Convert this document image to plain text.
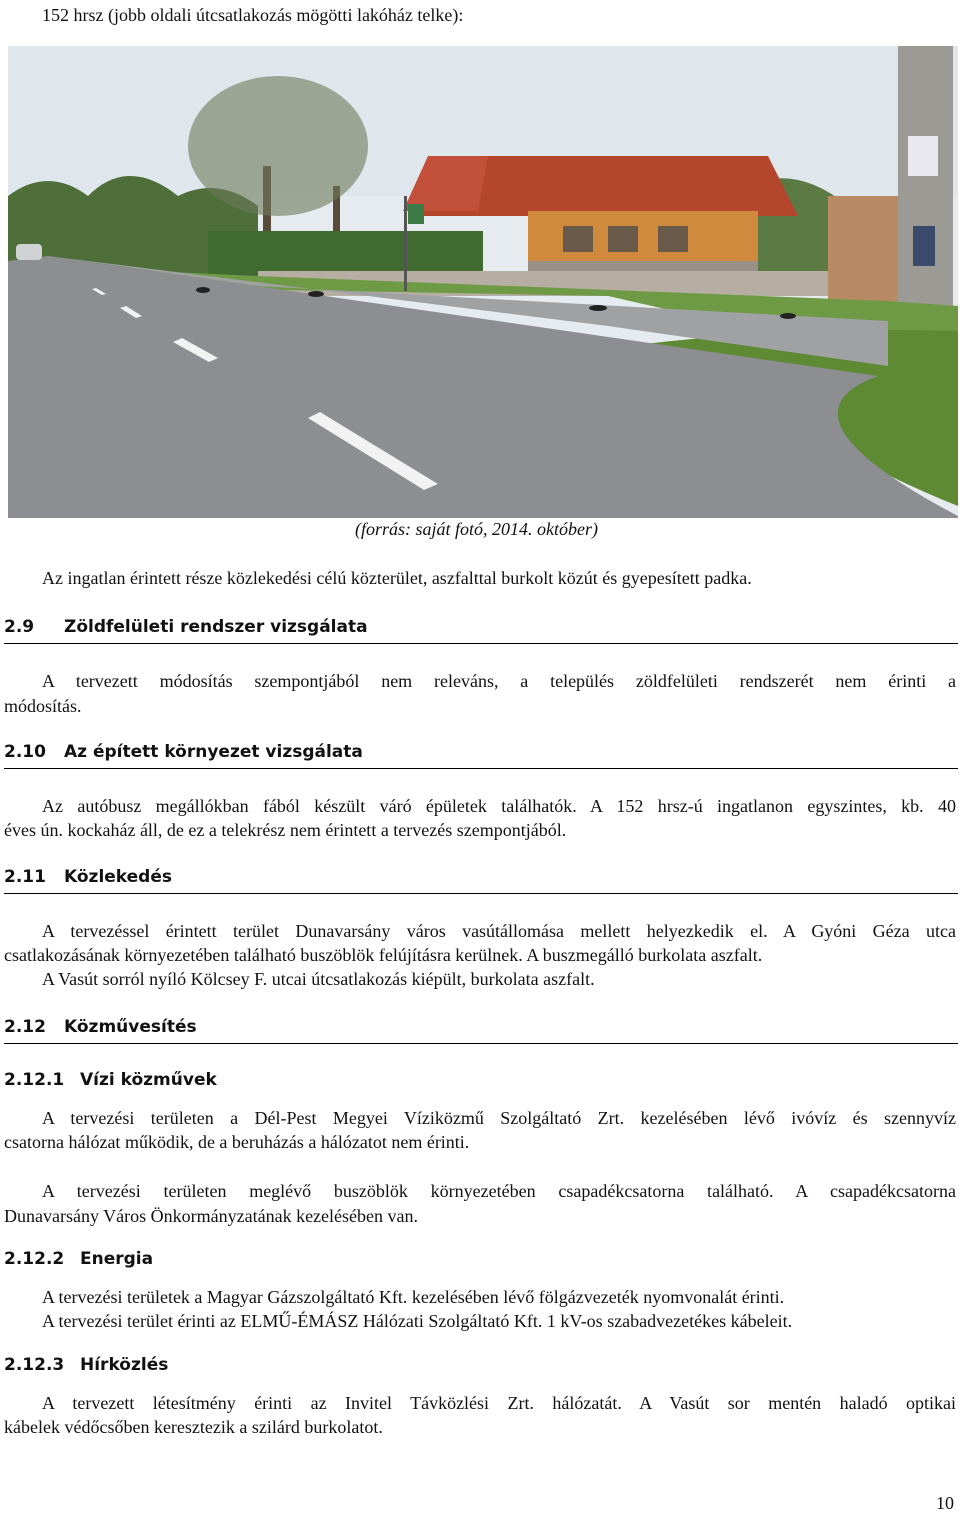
152 hrsz (jobb oldali útcsatlakozás mögötti lakóház telke):
(forrás: saját fotó, 2014. október)
Az ingatlan érintett része közlekedési célú közterület, aszfalttal burkolt közút és gyepesített padka.
2.9 Zöldfelületi rendszer vizsgálata
A tervezett módosítás szempontjából nem releváns, a település zöldfelületi rendszerét nem érinti a
módosítás.
2.10 Az épített környezet vizsgálata
Az autóbusz megállókban fából készült váró épületek találhatók. A 152 hrsz-ú ingatlanon egyszintes, kb. 40
éves ún. kockaház áll, de ez a telekrész nem érintett a tervezés szempontjából.
2.11 Közlekedés
A tervezéssel érintett terület Dunavarsány város vasútállomása mellett helyezkedik el. A Gyóni Géza utca
csatlakozásának környezetében található buszöblök felújításra kerülnek. A buszmegálló burkolata aszfalt.
A Vasút sorról nyíló Kölcsey F. utcai útcsatlakozás kiépült, burkolata aszfalt.
2.12 Közművesítés
2.12.1 Vízi közművek
A tervezési területen a Dél-Pest Megyei Víziközmű Szolgáltató Zrt. kezelésében lévő ivóvíz és szennyvíz
csatorna hálózat működik, de a beruházás a hálózatot nem érinti.
A tervezési területen meglévő buszöblök környezetében csapadékcsatorna található. A csapadékcsatorna
Dunavarsány Város Önkormányzatának kezelésében van.
2.12.2 Energia
A tervezési területek a Magyar Gázszolgáltató Kft. kezelésében lévő fölgázvezeték nyomvonalát érinti.
A tervezési terület érinti az ELMŰ-ÉMÁSZ Hálózati Szolgáltató Kft. 1 kV-os szabadvezetékes kábeleit.
2.12.3 Hírközlés
A tervezett létesítmény érinti az Invitel Távközlési Zrt. hálózatát. A Vasút sor mentén haladó optikai
kábelek védőcsőben keresztezik a szilárd burkolatot.
10
